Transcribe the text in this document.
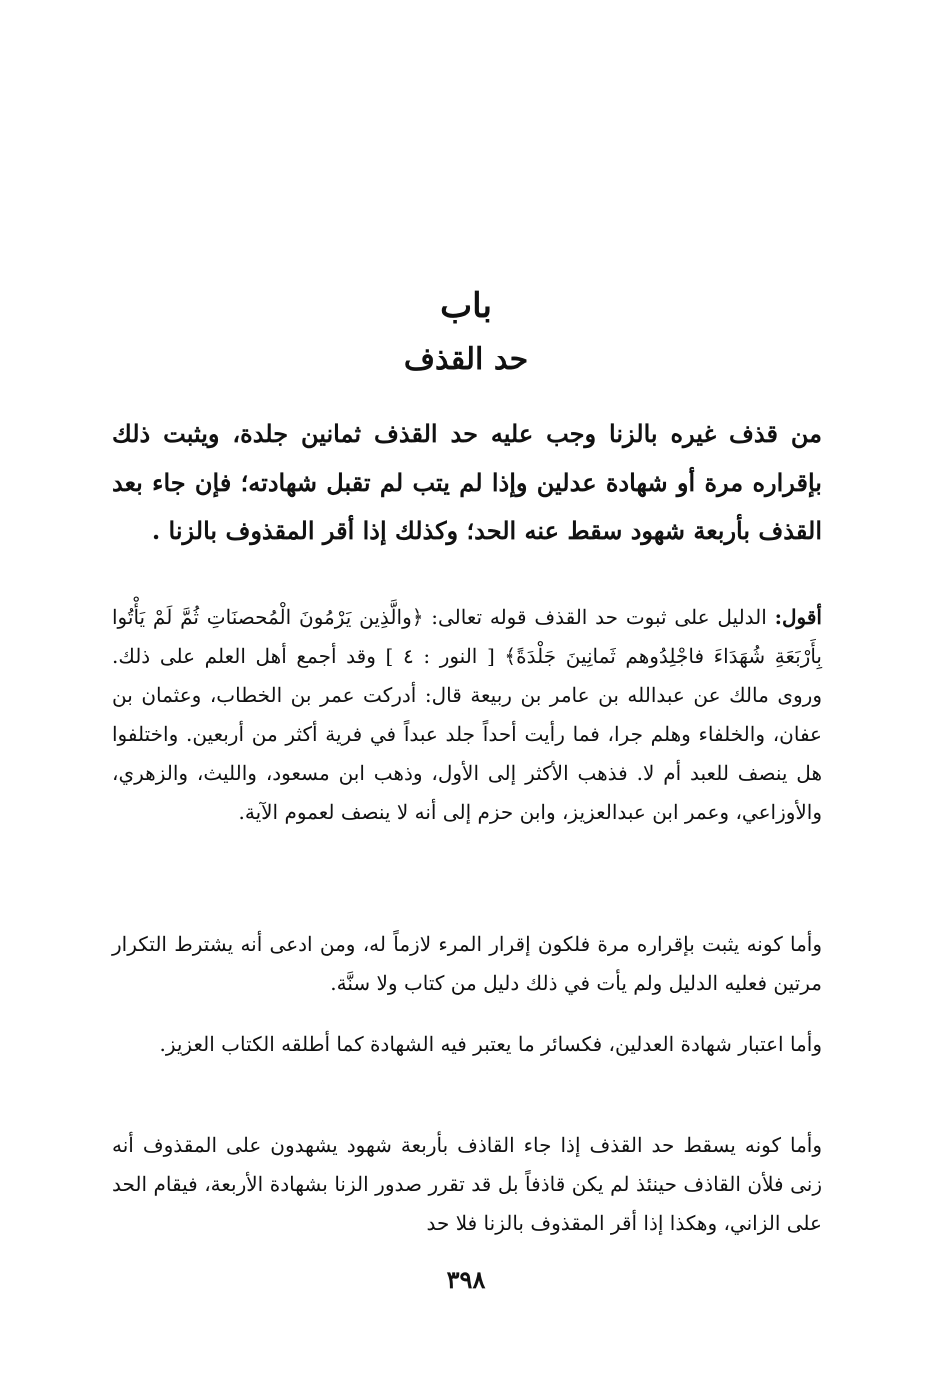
باب
حد القذف

من قذف غيره بالزنا وجب عليه حد القذف ثمانين جلدة، ويثبت ذلك بإقراره مرة أو شهادة عدلين وإذا لم يتب لم تقبل شهادته؛ فإن جاء بعد القذف بأربعة شهود سقط عنه الحد؛ وكذلك إذا أقر المقذوف بالزنا .

أقول: الدليل على ثبوت حد القذف قوله تعالى: ﴿والَّذِين يَرْمُونَ الْمُحصنَاتِ ثُمَّ لَمْ يَأْتُوا بِأَرْبَعَةِ شُهَدَاءَ فاجْلِدُوهم ثَمانِينَ جَلْدَةً﴾ [ النور : ٤ ] وقد أجمع أهل العلم على ذلك. وروى مالك عن عبدالله بن عامر بن ربيعة قال: أدركت عمر بن الخطاب، وعثمان بن عفان، والخلفاء وهلم جرا، فما رأيت أحداً جلد عبداً في فرية أكثر من أربعين. واختلفوا هل ينصف للعبد أم لا. فذهب الأكثر إلى الأول، وذهب ابن مسعود، والليث، والزهري، والأوزاعي، وعمر ابن عبدالعزيز، وابن حزم إلى أنه لا ينصف لعموم الآية.

وأما كونه يثبت بإقراره مرة فلكون إقرار المرء لازماً له، ومن ادعى أنه يشترط التكرار مرتين فعليه الدليل ولم يأت في ذلك دليل من كتاب ولا سنَّة.

وأما اعتبار شهادة العدلين، فكسائر ما يعتبر فيه الشهادة كما أطلقه الكتاب العزيز.

وأما كونه يسقط حد القذف إذا جاء القاذف بأربعة شهود يشهدون على المقذوف أنه زنى فلأن القاذف حينئذ لم يكن قاذفاً بل قد تقرر صدور الزنا بشهادة الأربعة، فيقام الحد على الزاني، وهكذا إذا أقر المقذوف بالزنا فلا حد

٣٩٨
